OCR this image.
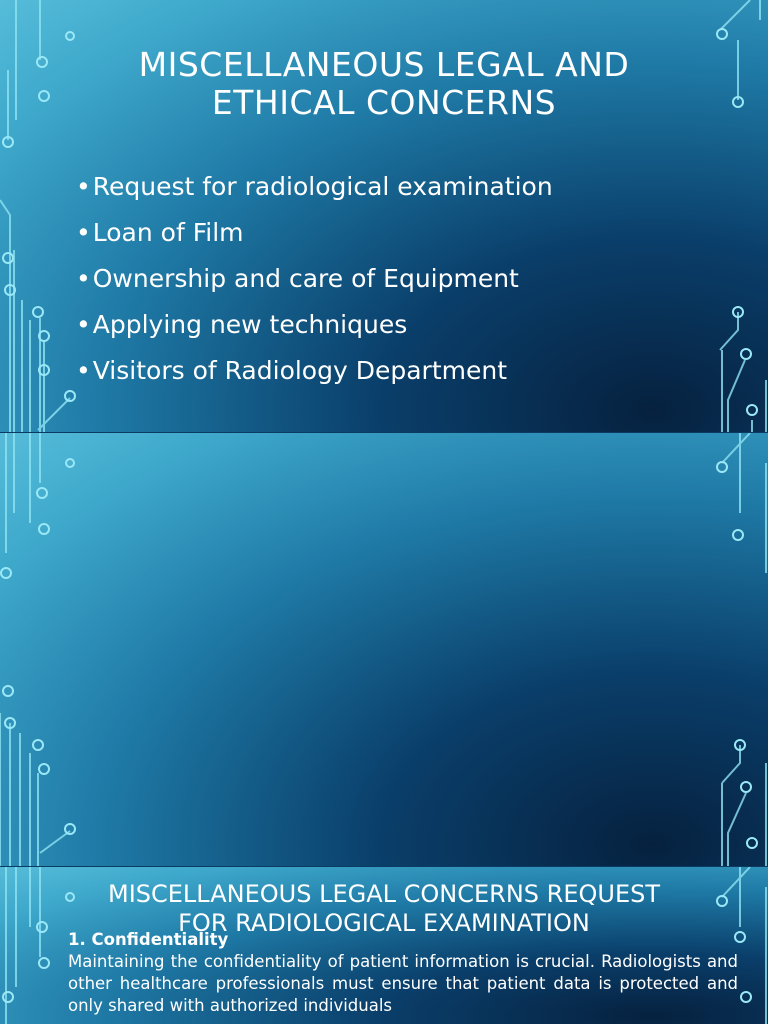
MISCELLANEOUS LEGAL AND
ETHICAL CONCERNS
• Request for radiological examination
• Loan of Film
• Ownership and care of Equipment
• Applying new techniques
• Visitors of Radiology Department

MISCELLANEOUS LEGAL CONCERNS REQUEST
FOR RADIOLOGICAL EXAMINATION
1. Confidentiality

Maintaining the confidentiality of patient information is crucial. Radiologists and other healthcare professionals must ensure that patient data is protected and only shared with authorized individuals
